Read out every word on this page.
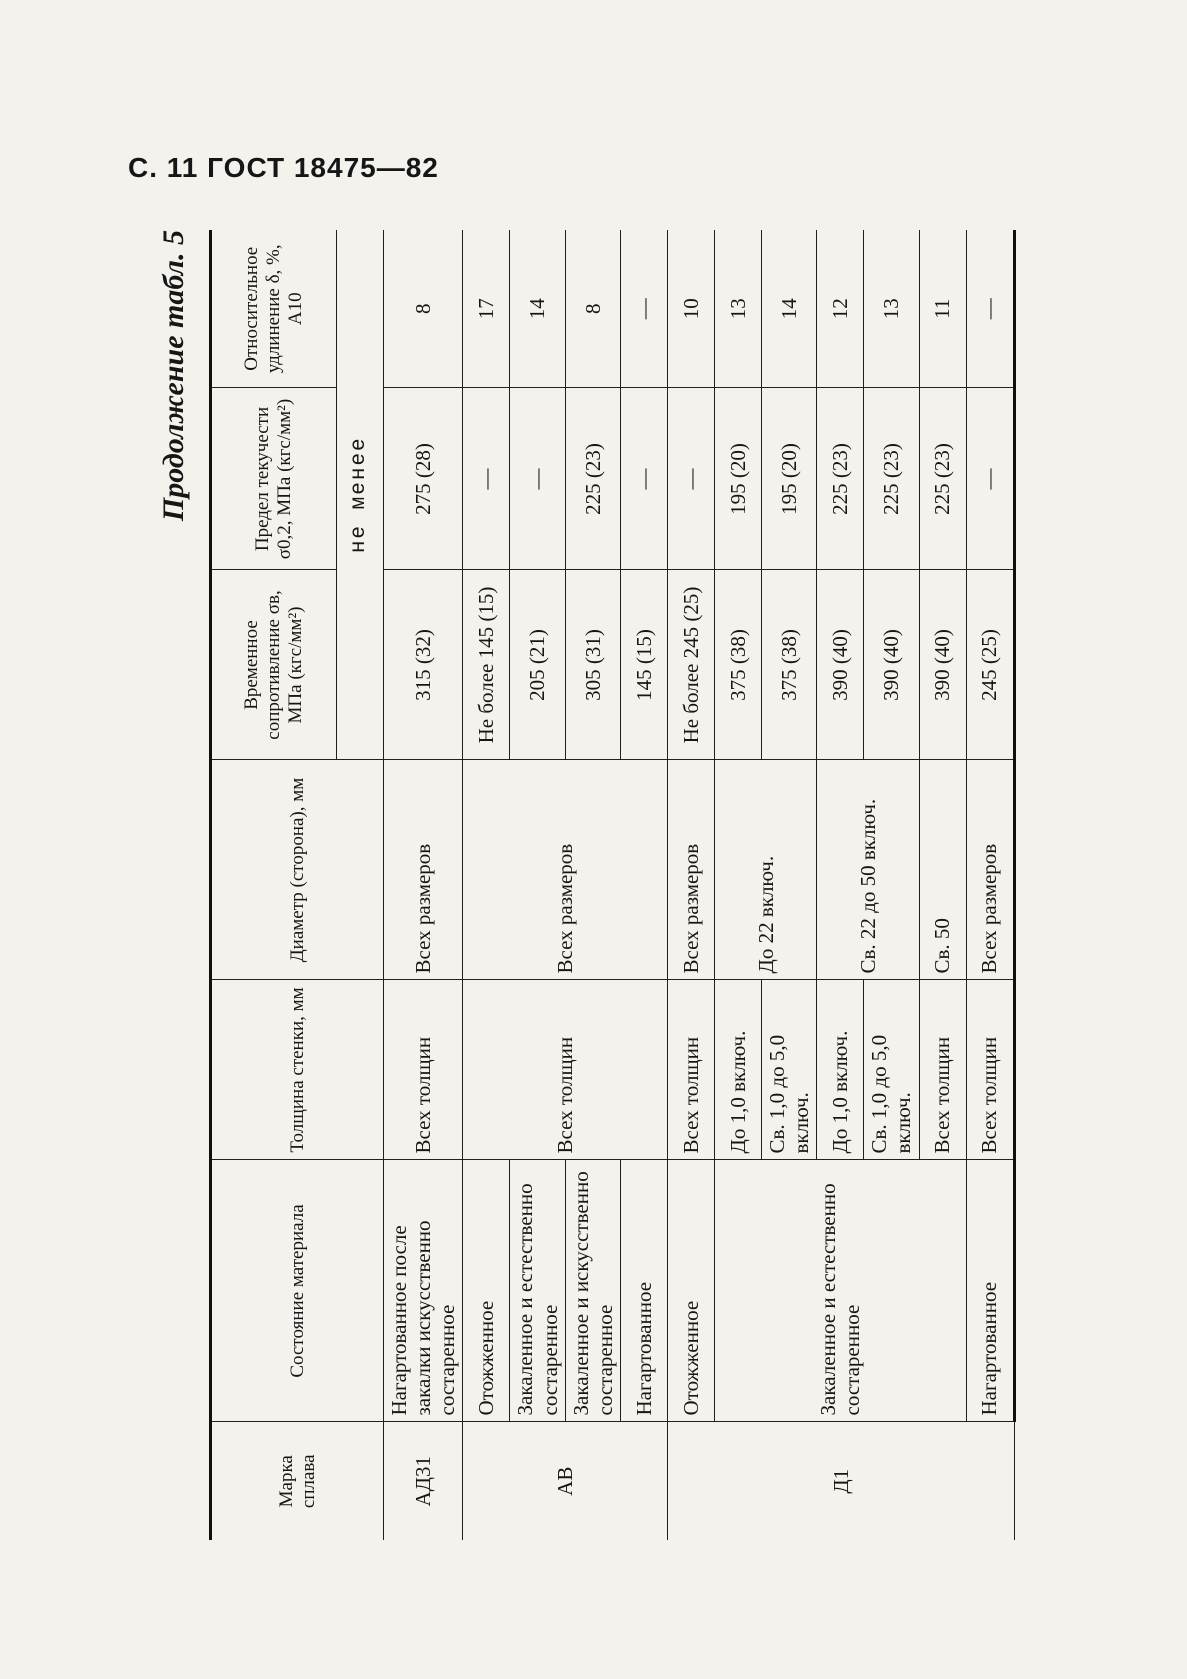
С. 11 ГОСТ 18475—82
Продолжение табл. 5
Марка сплава	Состояние материала	Толщина стенки, мм	Диаметр (сторона), мм	Временное сопротивление σв, МПа (кгс/мм²)	Предел текучести σ0,2, МПа (кгс/мм²)	Относительное удлинение δ, %, A10
				не менее		
АД31	Нагартованное после закалки искусственно состаренное	Всех толщин	Всех размеров	315 (32)	275 (28)	8
АВ	Отожженное	Всех толщин	Всех размеров	Не более 145 (15)	—	17
	Закаленное и естественно состаренное			205 (21)	—	14
	Закаленное и искусственно состаренное			305 (31)	225 (23)	8
	Нагартованное			145 (15)	—	—
Д1	Отожженное	Всех толщин	Всех размеров	Не более 245 (25)	—	10
	Закаленное и естественно состаренное	До 1,0 включ.	До 22 включ.	375 (38)	195 (20)	13
		Св. 1,0 до 5,0 включ.		375 (38)	195 (20)	14
		До 1,0 включ.	Св. 22 до 50 включ.	390 (40)	225 (23)	12
		Св. 1,0 до 5,0 включ.		390 (40)	225 (23)	13
		Всех толщин	Св. 50	390 (40)	225 (23)	11
	Нагартованное	Всех толщин	Всех размеров	245 (25)	—	—
